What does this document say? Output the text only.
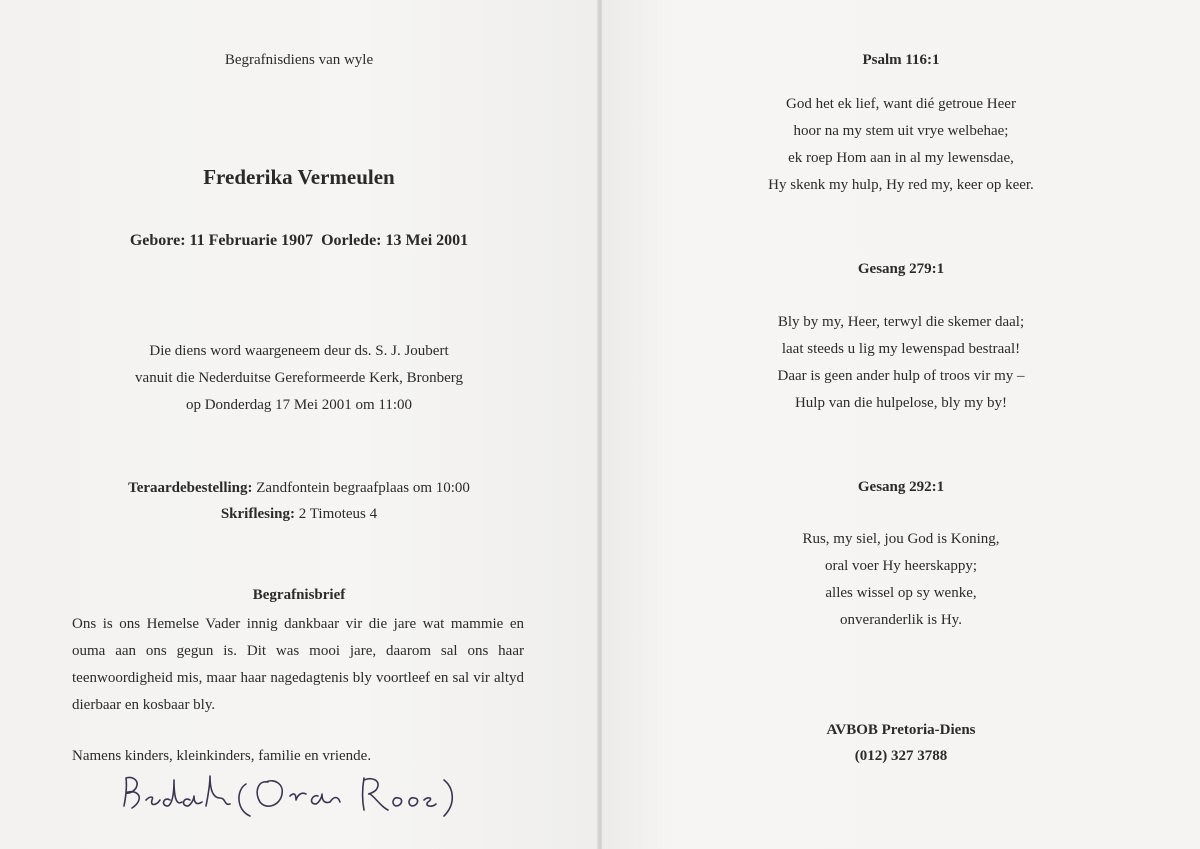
Begrafnisdiens van wyle
Frederika Vermeulen
Gebore: 11 Februarie 1907  Oorlede: 13 Mei 2001
Die diens word waargeneem deur ds. S. J. Joubert
vanuit die Nederduitse Gereformeerde Kerk, Bronberg
op Donderdag 17 Mei 2001 om 11:00
Teraardebestelling: Zandfontein begraafplaas om 10:00
Skriflesing: 2 Timoteus 4
Begrafnisbrief
Ons is ons Hemelse Vader innig dankbaar vir die jare wat mammie en ouma aan ons gegun is. Dit was mooi jare, daarom sal ons haar teenwoordigheid mis, maar haar nagedagtenis bly voortleef en sal vir altyd dierbaar en kosbaar bly.
Namens kinders, kleinkinders, familie en vriende.
Psalm 116:1
God het ek lief, want dié getroue Heer
hoor na my stem uit vrye welbehae;
ek roep Hom aan in al my lewensdae,
Hy skenk my hulp, Hy red my, keer op keer.
Gesang 279:1
Bly by my, Heer, terwyl die skemer daal;
laat steeds u lig my lewenspad bestraal!
Daar is geen ander hulp of troos vir my –
Hulp van die hulpelose, bly my by!
Gesang 292:1
Rus, my siel, jou God is Koning,
oral voer Hy heerskappy;
alles wissel op sy wenke,
onveranderlik is Hy.
AVBOB Pretoria-Diens
(012) 327 3788
